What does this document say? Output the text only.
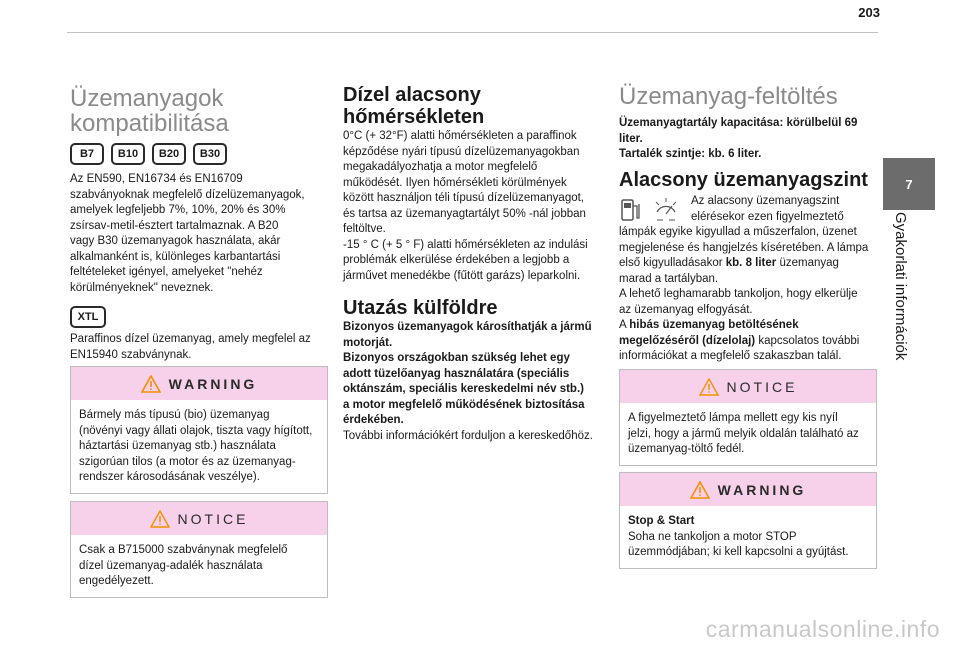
203
7
Gyakorlati információk

Üzemanyagok

kompatibilitása

B7	B10	B20	B30

Az EN590, EN16734 és EN16709

szabványoknak megfelelő dízelüzemanyagok,

amelyek legfeljebb 7%, 10%, 20% és 30%

zsírsav-metil-észtert tartalmaznak. A B20

vagy B30 üzemanyagok használata, akár

alkalmanként is, különleges karbantartási

feltételeket igényel, amelyeket "nehéz

körülményeknek" neveznek.

XTL

Paraffinos dízel üzemanyag, amely megfelel az

EN15940 szabványnak.

WARNING

Bármely más típusú (bio) üzemanyag

(növényi vagy állati olajok, tiszta vagy hígított,

háztartási üzemanyag stb.) használata

szigorúan tilos (a motor és az üzemanyag-

rendszer károsodásának veszélye).

NOTICE

Csak a B715000 szabványnak megfelelő

dízel üzemanyag-adalék használata

engedélyezett.

Dízel alacsony

hőmérsékleten

0°C (+ 32°F) alatti hőmérsékleten a paraffinok

képződése nyári típusú dízelüzemanyagokban

megakadályozhatja a motor megfelelő

működését. Ilyen hőmérsékleti körülmények

között használjon téli típusú dízelüzemanyagot,

és tartsa az üzemanyagtartályt 50% -nál jobban

feltöltve.

-15 ° C (+ 5 ° F) alatti hőmérsékleten az indulási

problémák elkerülése érdekében a legjobb a

járművet menedékbe (fűtött garázs) leparkolni.

Utazás külföldre

Bizonyos üzemanyagok károsíthatják a jármű

motorját.

Bizonyos országokban szükség lehet egy

adott tüzelőanyag használatára (speciális

oktánszám, speciális kereskedelmi név stb.)

a motor megfelelő működésének biztosítása

érdekében.

További információkért forduljon a kereskedőhöz.

Üzemanyag-feltöltés

Üzemanyagtartály kapacitása: körülbelül 69

liter.

Tartalék szintje: kb. 6 liter.

Alacsony üzemanyagszint

Az alacsony üzemanyagszint

elérésekor ezen figyelmeztető

lámpák egyike kigyullad a műszerfalon, üzenet

megjelenése és hangjelzés kíséretében. A lámpa

első kigyulladásakor kb. 8 liter üzemanyag

marad a tartályban.

A lehető leghamarabb tankoljon, hogy elkerülje

az üzemanyag elfogyását.

A hibás üzemanyag betöltésének

megelőzéséről (dízelolaj) kapcsolatos további

információkat a megfelelő szakaszban talál.

NOTICE

A figyelmeztető lámpa mellett egy kis nyíl

jelzi, hogy a jármű melyik oldalán található az

üzemanyag-töltő fedél.

WARNING

Stop & Start

Soha ne tankoljon a motor STOP

üzemmódjában; ki kell kapcsolni a gyújtást.

carmanualsonline.info
